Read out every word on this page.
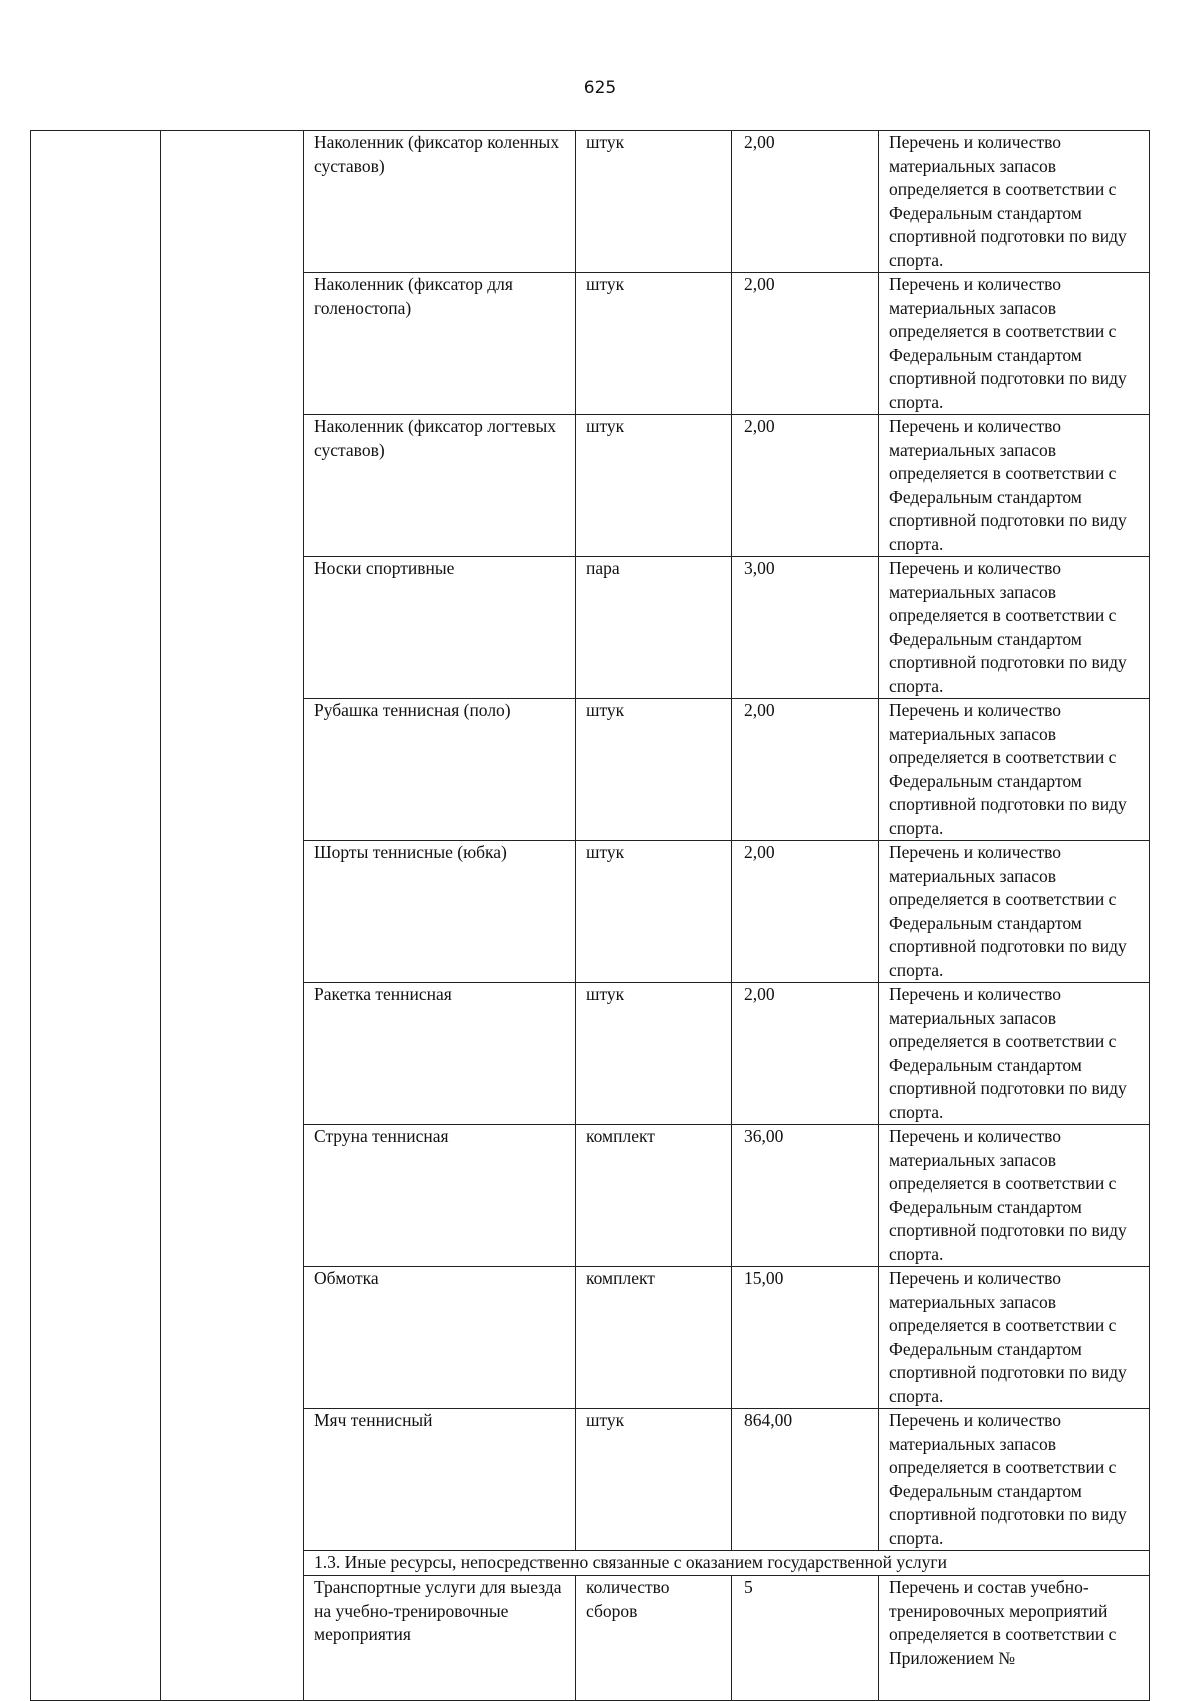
625
		Наколенник (фиксатор коленных суставов)	штук	2,00	Перечень и количество материальных запасов определяется в соответствии с Федеральным стандартом спортивной подготовки по виду спорта.
		Наколенник (фиксатор для голеностопа)	штук	2,00	Перечень и количество материальных запасов определяется в соответствии с Федеральным стандартом спортивной подготовки по виду спорта.
		Наколенник (фиксатор логтевых суставов)	штук	2,00	Перечень и количество материальных запасов определяется в соответствии с Федеральным стандартом спортивной подготовки по виду спорта.
		Носки спортивные	пара	3,00	Перечень и количество материальных запасов определяется в соответствии с Федеральным стандартом спортивной подготовки по виду спорта.
		Рубашка теннисная (поло)	штук	2,00	Перечень и количество материальных запасов определяется в соответствии с Федеральным стандартом спортивной подготовки по виду спорта.
		Шорты теннисные (юбка)	штук	2,00	Перечень и количество материальных запасов определяется в соответствии с Федеральным стандартом спортивной подготовки по виду спорта.
		Ракетка теннисная	штук	2,00	Перечень и количество материальных запасов определяется в соответствии с Федеральным стандартом спортивной подготовки по виду спорта.
		Струна теннисная	комплект	36,00	Перечень и количество материальных запасов определяется в соответствии с Федеральным стандартом спортивной подготовки по виду спорта.
		Обмотка	комплект	15,00	Перечень и количество материальных запасов определяется в соответствии с Федеральным стандартом спортивной подготовки по виду спорта.
		Мяч теннисный	штук	864,00	Перечень и количество материальных запасов определяется в соответствии с Федеральным стандартом спортивной подготовки по виду спорта.
		1.3. Иные ресурсы, непосредственно связанные с оказанием государственной услуги			
		Транспортные услуги для выезда на учебно-тренировочные мероприятия	количество сборов	5	Перечень и состав учебно-тренировочных мероприятий определяется в соответствии с Приложением №
